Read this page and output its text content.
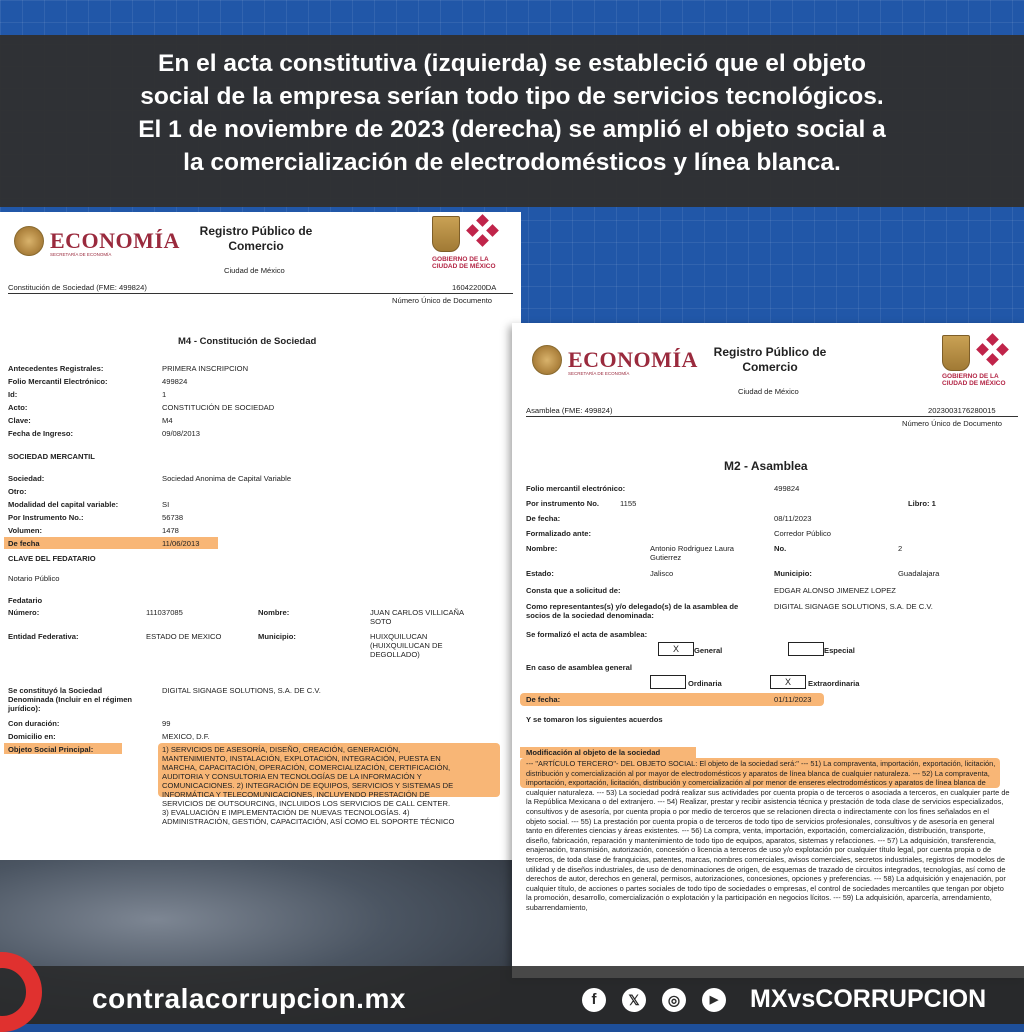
En el acta constitutiva (izquierda) se estableció que el objeto
social de la empresa serían todo tipo de servicios tecnológicos.
El 1 de noviembre de 2023 (derecha) se amplió el objeto social a
la comercialización de electrodomésticos y línea blanca.
ECONOMÍA
SECRETARÍA DE ECONOMÍA
Registro Público de
Comercio
Ciudad de México
GOBIERNO DE LA
CIUDAD DE MÉXICO
Constitución de Sociedad (FME: 499824)	16042200DA
Número Único de Documento
M4 - Constitución de Sociedad
Antecedentes Registrales:	PRIMERA INSCRIPCION
Folio Mercantil Electrónico:	499824
Id:	1
Acto:	CONSTITUCIÓN DE SOCIEDAD
Clave:	M4
Fecha de Ingreso:	09/08/2013
SOCIEDAD MERCANTIL
Sociedad:	Sociedad Anonima de Capital Variable
Otro:
Modalidad del capital variable:	SI
Por Instrumento No.:	56738
Volumen:	1478
De fecha	11/06/2013
CLAVE DEL FEDATARIO
Notario Público
Fedatario
Número:	111037085	Nombre:	JUAN CARLOS VILLICAÑA
SOTO
Entidad Federativa:	ESTADO DE MEXICO	Municipio:	HUIXQUILUCAN
(HUIXQUILUCAN DE
DEGOLLADO)
Se constituyó la Sociedad
Denominada (Incluir en el régimen
jurídico):
DIGITAL SIGNAGE SOLUTIONS, S.A. DE C.V.
Con duración:	99
Domicilio en:	MEXICO, D.F.
Objeto Social Principal:	1) SERVICIOS DE ASESORÍA, DISEÑO, CREACIÓN, GENERACIÓN,
MANTENIMIENTO, INSTALACIÓN, EXPLOTACIÓN, INTEGRACIÓN, PUESTA EN
MARCHA, CAPACITACIÓN, OPERACIÓN, COMERCIALIZACIÓN, CERTIFICACIÓN,
AUDITORIA Y CONSULTORIA EN TECNOLOGÍAS DE LA INFORMACIÓN Y
COMUNICACIONES. 2) INTEGRACIÓN DE EQUIPOS, SERVICIOS Y SISTEMAS DE
INFORMÁTICA Y TELECOMUNICACIONES, INCLUYENDO PRESTACIÓN DE
SERVICIOS DE OUTSOURCING, INCLUIDOS LOS SERVICIOS DE CALL CENTER.
3) EVALUACIÓN E IMPLEMENTACIÓN DE NUEVAS TECNOLOGÍAS. 4)
ADMINISTRACIÓN, GESTIÓN, CAPACITACIÓN, ASÍ COMO EL SOPORTE TÉCNICO
ECONOMÍA
SECRETARÍA DE ECONOMÍA
Registro Público de
Comercio
Ciudad de México
GOBIERNO DE LA
CIUDAD DE MÉXICO
Asamblea (FME: 499824)	2023003176280015
Número Único de Documento
M2 - Asamblea
Folio mercantil electrónico:	499824
Por instrumento No.	1155	Libro: 1
De fecha:	08/11/2023
Formalizado ante:	Corredor Público
Nombre:	Antonio Rodriguez Laura
Gutierrez
No.	2
Estado:	Jalisco	Municipio:	Guadalajara
Consta que a solicitud de:	EDGAR ALONSO JIMENEZ LOPEZ
Como representantes(s) y/o delegado(s) de la asamblea de
socios de la sociedad denominada:
DIGITAL SIGNAGE SOLUTIONS, S.A. DE C.V.
Se formalizó el acta de asamblea:
X	General	Especial
En caso de asamblea general
Ordinaria	X	Extraordinaria
De fecha:	01/11/2023
Y se tomaron los siguientes acuerdos
Modificación al objeto de la sociedad
--- "ARTÍCULO TERCERO"- DEL OBJETO SOCIAL: El objeto de la sociedad será:" --- 51) La compraventa, importación, exportación, licitación, distribución y comercialización al por mayor de electrodomésticos y aparatos de línea blanca de cualquier naturaleza. --- 52) La compraventa, importación, exportación, licitación, distribución y comercialización al por menor de enseres electrodomésticos y aparatos de línea blanca de cualquier naturaleza. --- 53) La sociedad podrá realizar sus actividades por cuenta propia o de terceros o asociada a terceros, en cualquier parte de la República Mexicana o del extranjero. --- 54) Realizar, prestar y recibir asistencia técnica y prestación de toda clase de servicios especializados, consultivos y de asesoría, por cuenta propia o por medio de terceros que se relacionen directa o indirectamente con los fines señalados en el objeto social. --- 55) La prestación por cuenta propia o de terceros de todo tipo de servicios profesionales, consultivos y de asesoría en general tanto en diferentes ciencias y áreas existentes. --- 56) La compra, venta, importación, exportación, comercialización, distribución, transporte, diseño, fabricación, reparación y mantenimiento de todo tipo de equipos, aparatos, sistemas y refacciones. --- 57) La adquisición, transferencia, enajenación, transmisión, autorización, concesión o licencia a terceros de uso y/o explotación por cualquier título legal, por cuenta propia o de terceros, de toda clase de franquicias, patentes, marcas, nombres comerciales, avisos comerciales, secretos industriales, registros de modelos de utilidad y de diseños industriales, de uso de denominaciones de origen, de esquemas de trazado de circuitos integrados, tecnologías, así como de derechos de autor, derechos en general, permisos, autorizaciones, concesiones, opciones y preferencias. --- 58) La adquisición y enajenación, por cualquier título, de acciones o partes sociales de todo tipo de sociedades o empresas, el control de sociedades mercantiles que tengan por objeto la promoción, desarrollo, comercialización o explotación y la participación en negocios lícitos. --- 59) La adquisición, aparcería, arrendamiento, subarrendamiento,
contralacorrupcion.mx	f	𝕏	◎	▶	MXvsCORRUPCION
